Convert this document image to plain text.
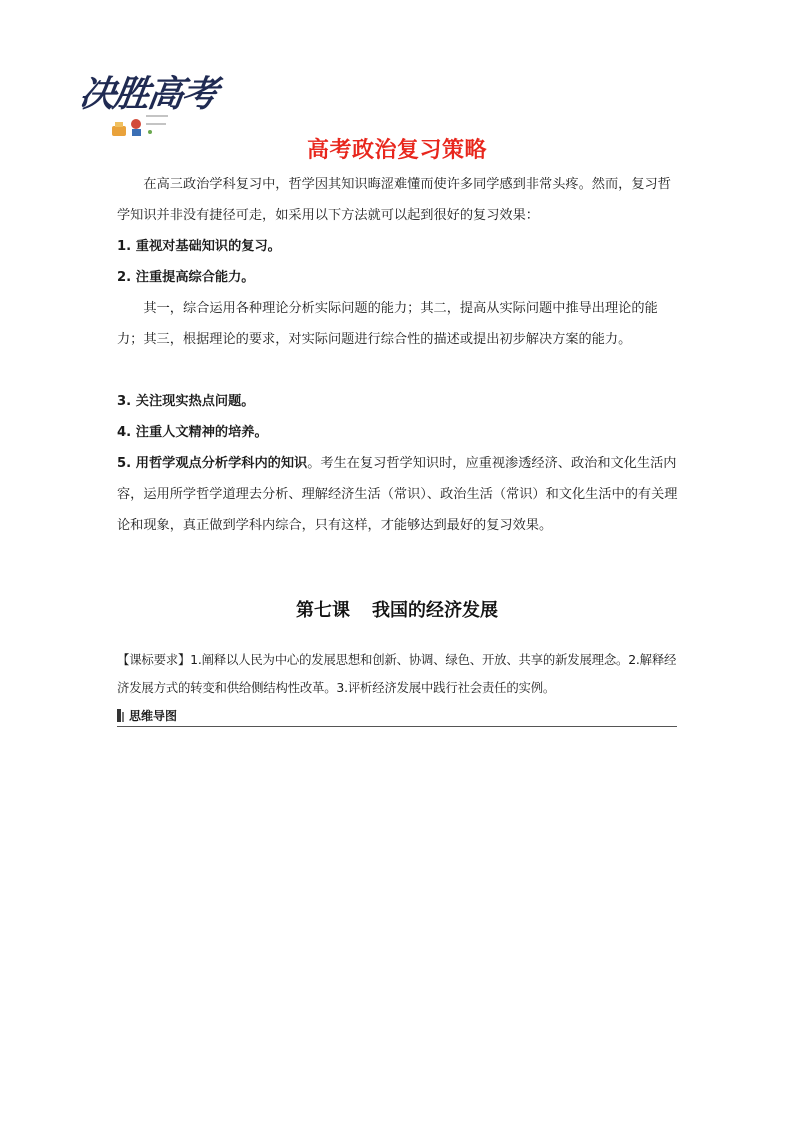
决胜高考
高考政治复习策略

在高三政治学科复习中，哲学因其知识晦涩难懂而使许多同学感到非常头疼。然而，复习哲学知识并非没有捷径可走，如采用以下方法就可以起到很好的复习效果：

1. 重视对基础知识的复习。

2. 注重提高综合能力。

其一，综合运用各种理论分析实际问题的能力；其二，提高从实际问题中推导出理论的能力；其三，根据理论的要求，对实际问题进行综合性的描述或提出初步解决方案的能力。

3. 关注现实热点问题。

4. 注重人文精神的培养。

5. 用哲学观点分析学科内的知识。考生在复习哲学知识时，应重视渗透经济、政治和文化生活内容，运用所学哲学道理去分析、理解经济生活（常识）、政治生活（常识）和文化生活中的有关理论和现象，真正做到学科内综合，只有这样，才能够达到最好的复习效果。

第七课 我国的经济发展

【课标要求】1.阐释以人民为中心的发展思想和创新、协调、绿色、开放、共享的新发展理念。2.解释经济发展方式的转变和供给侧结构性改革。3.评析经济发展中践行社会责任的实例。

思维导图
